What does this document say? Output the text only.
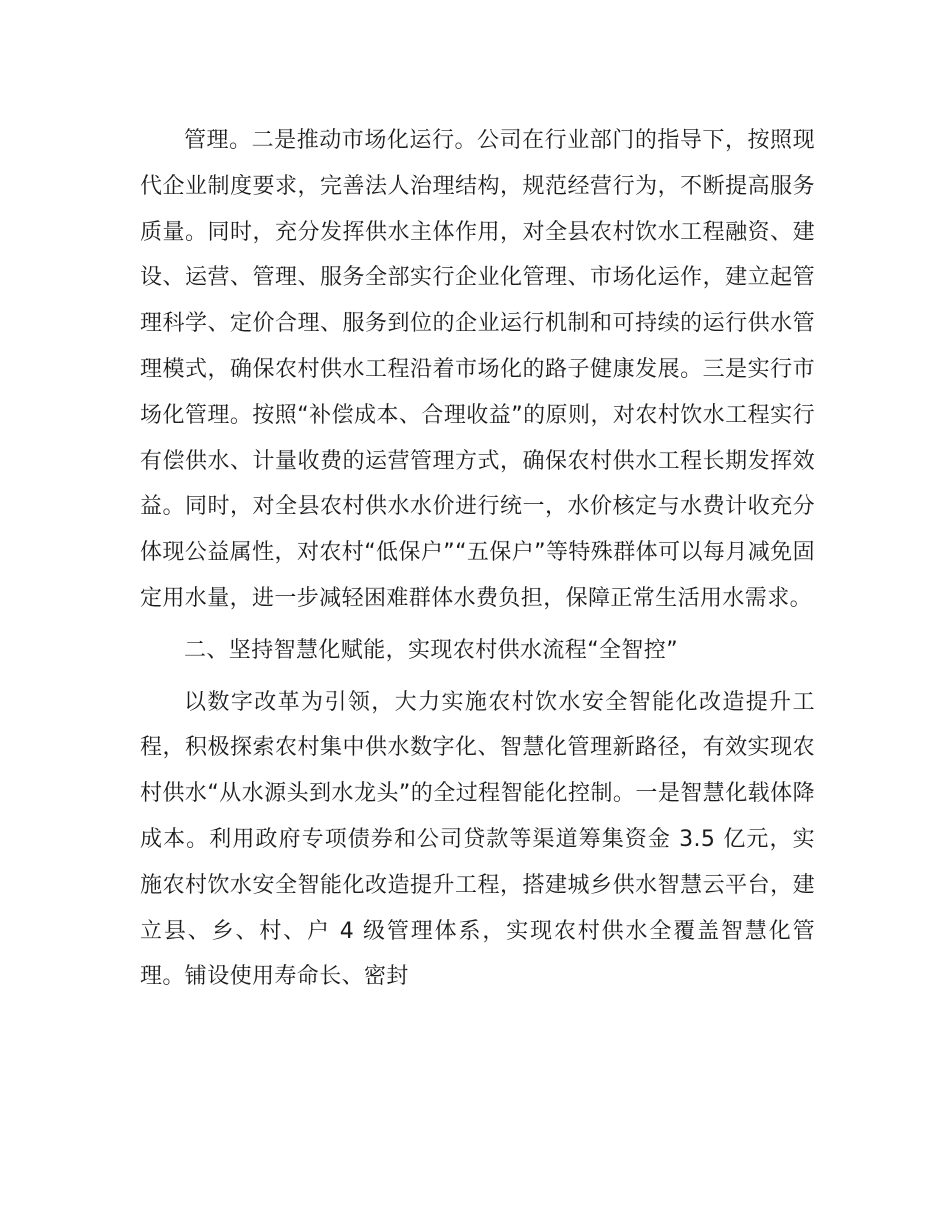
管理。二是推动市场化运行。公司在行业部门的指导下，按照现代企业制度要求，完善法人治理结构，规范经营行为，不断提高服务质量。同时，充分发挥供水主体作用，对全县农村饮水工程融资、建设、运营、管理、服务全部实行企业化管理、市场化运作，建立起管理科学、定价合理、服务到位的企业运行机制和可持续的运行供水管理模式，确保农村供水工程沿着市场化的路子健康发展。三是实行市场化管理。按照“补偿成本、合理收益”的原则，对农村饮水工程实行有偿供水、计量收费的运营管理方式，确保农村供水工程长期发挥效益。同时，对全县农村供水水价进行统一，水价核定与水费计收充分体现公益属性，对农村“低保户”“五保户”等特殊群体可以每月减免固定用水量，进一步减轻困难群体水费负担，保障正常生活用水需求。

二、坚持智慧化赋能，实现农村供水流程“全智控”

以数字改革为引领，大力实施农村饮水安全智能化改造提升工程，积极探索农村集中供水数字化、智慧化管理新路径，有效实现农村供水“从水源头到水龙头”的全过程智能化控制。一是智慧化载体降成本。利用政府专项债券和公司贷款等渠道筹集资金 3.5 亿元，实施农村饮水安全智能化改造提升工程，搭建城乡供水智慧云平台，建立县、乡、村、户 4 级管理体系，实现农村供水全覆盖智慧化管理。铺设使用寿命长、密封
